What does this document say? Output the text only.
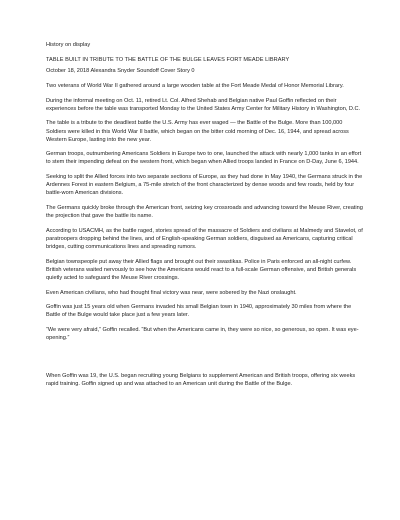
History on display

TABLE BUILT IN TRIBUTE TO THE BATTLE OF THE BULGE LEAVES FORT MEADE LIBRARY

October 18, 2018 Alexandra Snyder Soundoff Cover Story 0

Two veterans of World War II gathered around a large wooden table at the Fort Meade Medal of Honor Memorial Library.

During the informal meeting on Oct. 11, retired Lt. Col. Alfred Shehab and Belgian native Paul Goffin reflected on their experiences before the table was transported Monday to the United States Army Center for Military History in Washington, D.C.

The table is a tribute to the deadliest battle the U.S. Army has ever waged — the Battle of the Bulge. More than 100,000 Soldiers were killed in this World War II battle, which began on the bitter cold morning of Dec. 16, 1944, and spread across Western Europe, lasting into the new year.

German troops, outnumbering Americans Soldiers in Europe two to one, launched the attack with nearly 1,000 tanks in an effort to stem their impending defeat on the western front, which began when Allied troops landed in France on D-Day, June 6, 1944.

Seeking to split the Allied forces into two separate sections of Europe, as they had done in May 1940, the Germans struck in the Ardennes Forest in eastern Belgium, a 75-mile stretch of the front characterized by dense woods and few roads, held by four battle-worn American divisions.

The Germans quickly broke through the American front, seizing key crossroads and advancing toward the Meuse River, creating the projection that gave the battle its name.

According to USACMH, as the battle raged, stories spread of the massacre of Soldiers and civilians at Malmedy and Stavelot, of paratroopers dropping behind the lines, and of English-speaking German soldiers, disguised as Americans, capturing critical bridges, cutting communications lines and spreading rumors.

Belgian townspeople put away their Allied flags and brought out their swastikas. Police in Paris enforced an all-night curfew. British veterans waited nervously to see how the Americans would react to a full-scale German offensive, and British generals quietly acted to safeguard the Meuse River crossings.

Even American civilians, who had thought final victory was near, were sobered by the Nazi onslaught.

Goffin was just 15 years old when Germans invaded his small Belgian town in 1940, approximately 30 miles from where the Battle of the Bulge would take place just a few years later.

“We were very afraid,” Goffin recalled. “But when the Americans came in, they were so nice, so generous, so open. It was eye-opening.”

When Goffin was 19, the U.S. began recruiting young Belgians to supplement American and British troops, offering six weeks rapid training. Goffin signed up and was attached to an American unit during the Battle of the Bulge.
